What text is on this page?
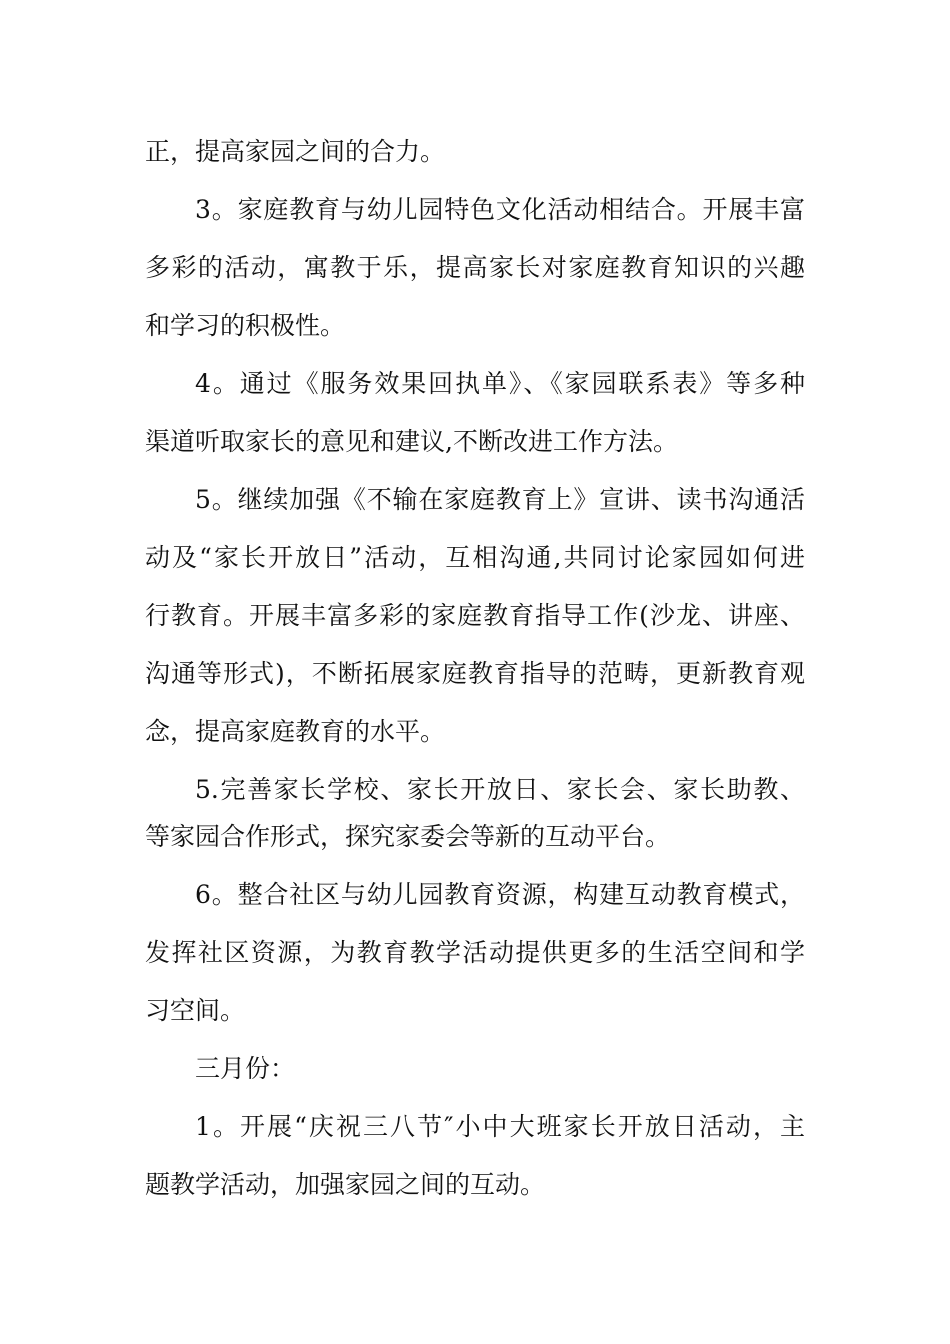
正，提高家园之间的合力。
3。家庭教育与幼儿园特色文化活动相结合。开展丰富
多彩的活动，寓教于乐，提高家长对家庭教育知识的兴趣
和学习的积极性。
4。通过《服务效果回执单》、《家园联系表》等多种
渠道听取家长的意见和建议,不断改进工作方法。
5。继续加强《不输在家庭教育上》宣讲、读书沟通活
动及“家长开放日”活动，互相沟通,共同讨论家园如何进
行教育。开展丰富多彩的家庭教育指导工作(沙龙、讲座、
沟通等形式)，不断拓展家庭教育指导的范畴，更新教育观
念，提高家庭教育的水平。
5.完善家长学校、家长开放日、家长会、家长助教、
等家园合作形式，探究家委会等新的互动平台。
6。整合社区与幼儿园教育资源，构建互动教育模式，
发挥社区资源，为教育教学活动提供更多的生活空间和学
习空间。
三月份：
1。开展“庆祝三八节″小中大班家长开放日活动，主
题教学活动，加强家园之间的互动。
